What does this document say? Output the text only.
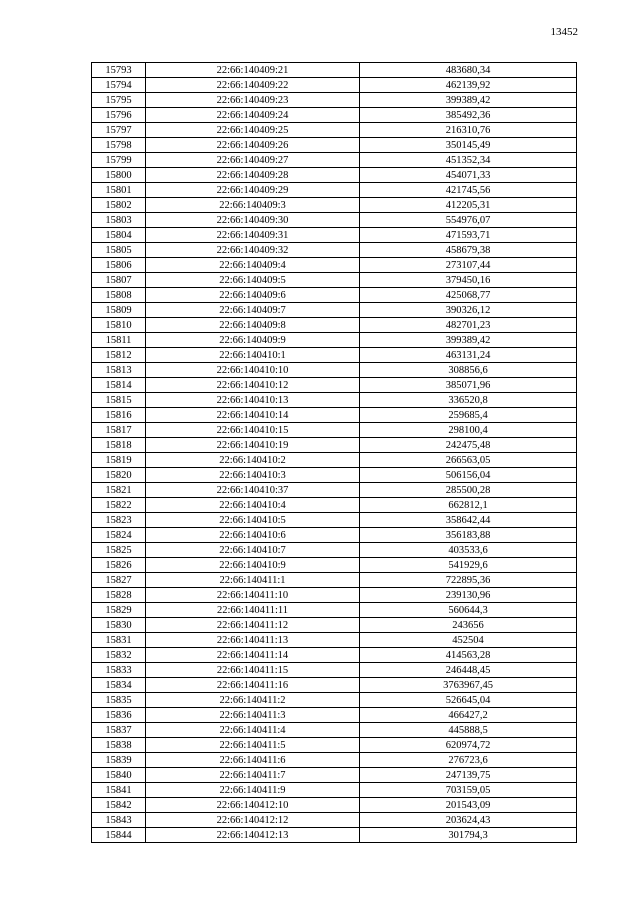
13452
15793	22:66:140409:21	483680,34
15794	22:66:140409:22	462139,92
15795	22:66:140409:23	399389,42
15796	22:66:140409:24	385492,36
15797	22:66:140409:25	216310,76
15798	22:66:140409:26	350145,49
15799	22:66:140409:27	451352,34
15800	22:66:140409:28	454071,33
15801	22:66:140409:29	421745,56
15802	22:66:140409:3	412205,31
15803	22:66:140409:30	554976,07
15804	22:66:140409:31	471593,71
15805	22:66:140409:32	458679,38
15806	22:66:140409:4	273107,44
15807	22:66:140409:5	379450,16
15808	22:66:140409:6	425068,77
15809	22:66:140409:7	390326,12
15810	22:66:140409:8	482701,23
15811	22:66:140409:9	399389,42
15812	22:66:140410:1	463131,24
15813	22:66:140410:10	308856,6
15814	22:66:140410:12	385071,96
15815	22:66:140410:13	336520,8
15816	22:66:140410:14	259685,4
15817	22:66:140410:15	298100,4
15818	22:66:140410:19	242475,48
15819	22:66:140410:2	266563,05
15820	22:66:140410:3	506156,04
15821	22:66:140410:37	285500,28
15822	22:66:140410:4	662812,1
15823	22:66:140410:5	358642,44
15824	22:66:140410:6	356183,88
15825	22:66:140410:7	403533,6
15826	22:66:140410:9	541929,6
15827	22:66:140411:1	722895,36
15828	22:66:140411:10	239130,96
15829	22:66:140411:11	560644,3
15830	22:66:140411:12	243656
15831	22:66:140411:13	452504
15832	22:66:140411:14	414563,28
15833	22:66:140411:15	246448,45
15834	22:66:140411:16	3763967,45
15835	22:66:140411:2	526645,04
15836	22:66:140411:3	466427,2
15837	22:66:140411:4	445888,5
15838	22:66:140411:5	620974,72
15839	22:66:140411:6	276723,6
15840	22:66:140411:7	247139,75
15841	22:66:140411:9	703159,05
15842	22:66:140412:10	201543,09
15843	22:66:140412:12	203624,43
15844	22:66:140412:13	301794,3
